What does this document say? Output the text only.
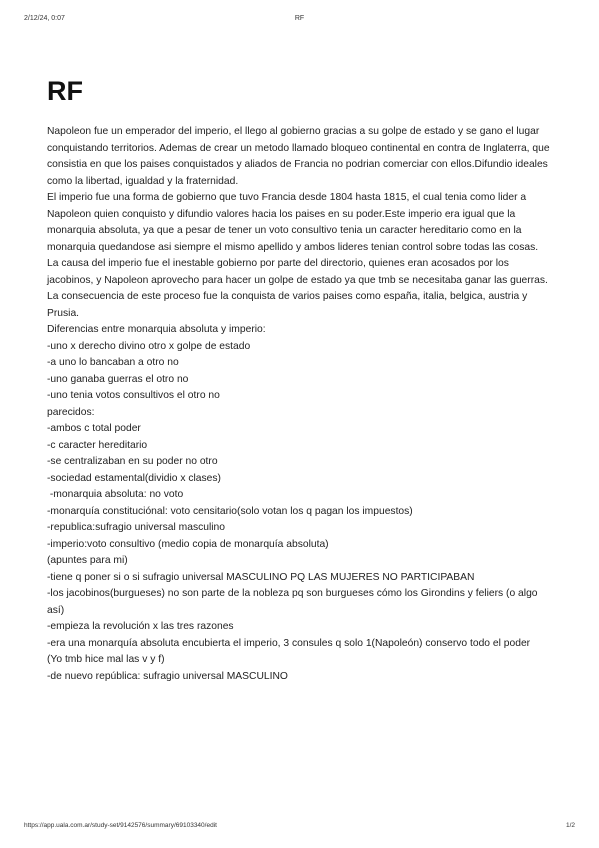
2/12/24, 0:07	RF
RF

Napoleon fue un emperador del imperio, el llego al gobierno gracias a su golpe de estado y se gano el lugar conquistando territorios. Ademas de crear un metodo llamado bloqueo continental en contra de Inglaterra, que consistia en que los paises conquistados y aliados de Francia no podrian comerciar con ellos.Difundio ideales como la libertad, igualdad y la fraternidad.

El imperio fue una forma de gobierno que tuvo Francia desde 1804 hasta 1815, el cual tenia como lider a Napoleon quien conquisto y difundio valores hacia los paises en su poder.Este imperio era igual que la monarquia absoluta, ya que a pesar de tener un voto consultivo tenia un caracter hereditario como en la monarquia quedandose asi siempre el mismo apellido y ambos lideres tenian control sobre todas las cosas.

La causa del imperio fue el inestable gobierno por parte del directorio, quienes eran acosados por los jacobinos, y Napoleon aprovecho para hacer un golpe de estado ya que tmb se necesitaba ganar las guerras. La consecuencia de este proceso fue la conquista de varios paises como españa, italia, belgica, austria y Prusia.

Diferencias entre monarquia absoluta y imperio:

-uno x derecho divino otro x golpe de estado

-a uno lo bancaban a otro no

-uno ganaba guerras el otro no

-uno tenia votos consultivos el otro no

parecidos:

-ambos c total poder

-c caracter hereditario

-se centralizaban en su poder no otro

-sociedad estamental(dividio x clases)

-monarquia absoluta: no voto

-monarquía constituciónal: voto censitario(solo votan los q pagan los impuestos)

-republica:sufragio universal masculino

-imperio:voto consultivo (medio copia de monarquía absoluta)

(apuntes para mi)

-tiene q poner si o si sufragio universal MASCULINO PQ LAS MUJERES NO PARTICIPABAN

-los jacobinos(burgueses) no son parte de la nobleza pq son burgueses cómo los Girondins y feliers (o algo así)

-empieza la revolución x las tres razones

-era una monarquía absoluta encubierta el imperio, 3 consules q solo 1(Napoleón) conservo todo el poder

(Yo tmb hice mal las v y f)

-de nuevo república: sufragio universal MASCULINO

https://app.uala.com.ar/study-set/9142576/summary/69103340/edit	1/2
